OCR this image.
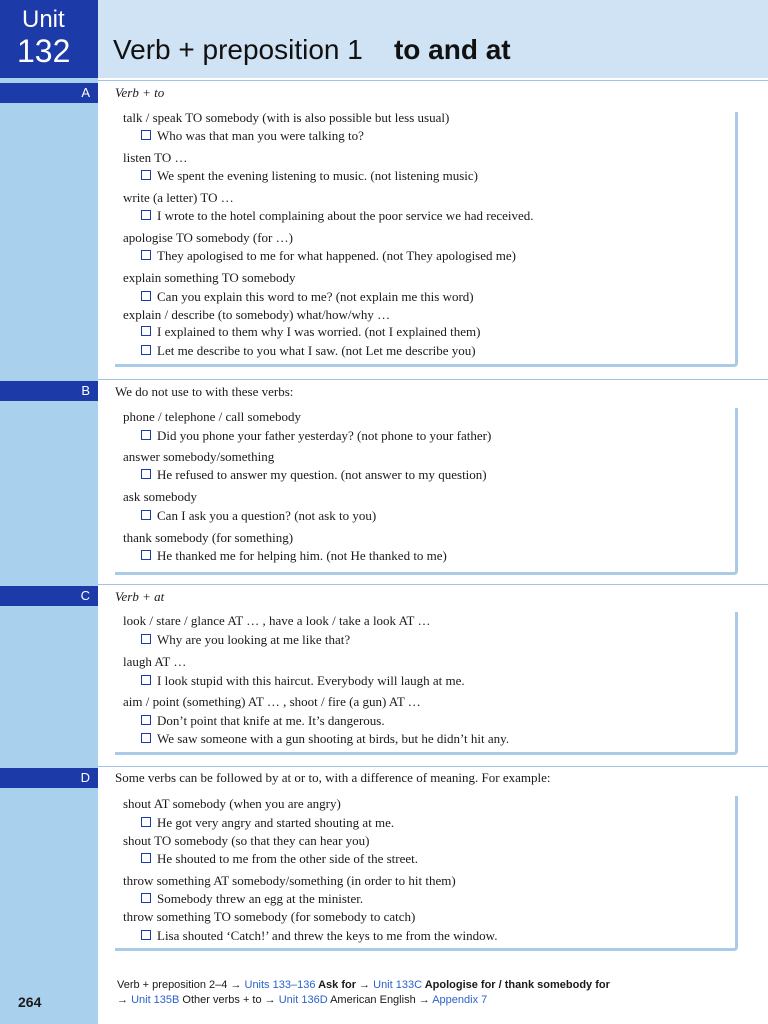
Unit
132 Verb + preposition 1 to and at
A	Verb + to
B	We do not use to with these verbs:
C	Verb + at
D	Some verbs can be followed by at or to, with a difference of meaning. For example:
Verb + preposition 2–4 → Units 133–136 Ask for → Unit 133C Apologise for / thank somebody for
→ Unit 135B Other verbs + to → Unit 136D American English → Appendix 7
264
talk / speak TO somebody (with is also possible but less usual)
Who was that man you were talking to?
listen TO …
We spent the evening listening to music. (not listening music)
write (a letter) TO …
I wrote to the hotel complaining about the poor service we had received.
apologise TO somebody (for …)
They apologised to me for what happened. (not They apologised me)
explain something TO somebody
Can you explain this word to me? (not explain me this word)
explain / describe (to somebody) what/how/why …
I explained to them why I was worried. (not I explained them)
Let me describe to you what I saw. (not Let me describe you)
phone / telephone / call somebody
Did you phone your father yesterday? (not phone to your father)
answer somebody/something
He refused to answer my question. (not answer to my question)
ask somebody
Can I ask you a question? (not ask to you)
thank somebody (for something)
He thanked me for helping him. (not He thanked to me)
look / stare / glance AT … , have a look / take a look AT …
Why are you looking at me like that?
laugh AT …
I look stupid with this haircut. Everybody will laugh at me.
aim / point (something) AT … , shoot / fire (a gun) AT …
Don’t point that knife at me. It’s dangerous.
We saw someone with a gun shooting at birds, but he didn’t hit any.
shout AT somebody (when you are angry)
He got very angry and started shouting at me.
shout TO somebody (so that they can hear you)
He shouted to me from the other side of the street.
throw something AT somebody/something (in order to hit them)
Somebody threw an egg at the minister.
throw something TO somebody (for somebody to catch)
Lisa shouted ‘Catch!’ and threw the keys to me from the window.
